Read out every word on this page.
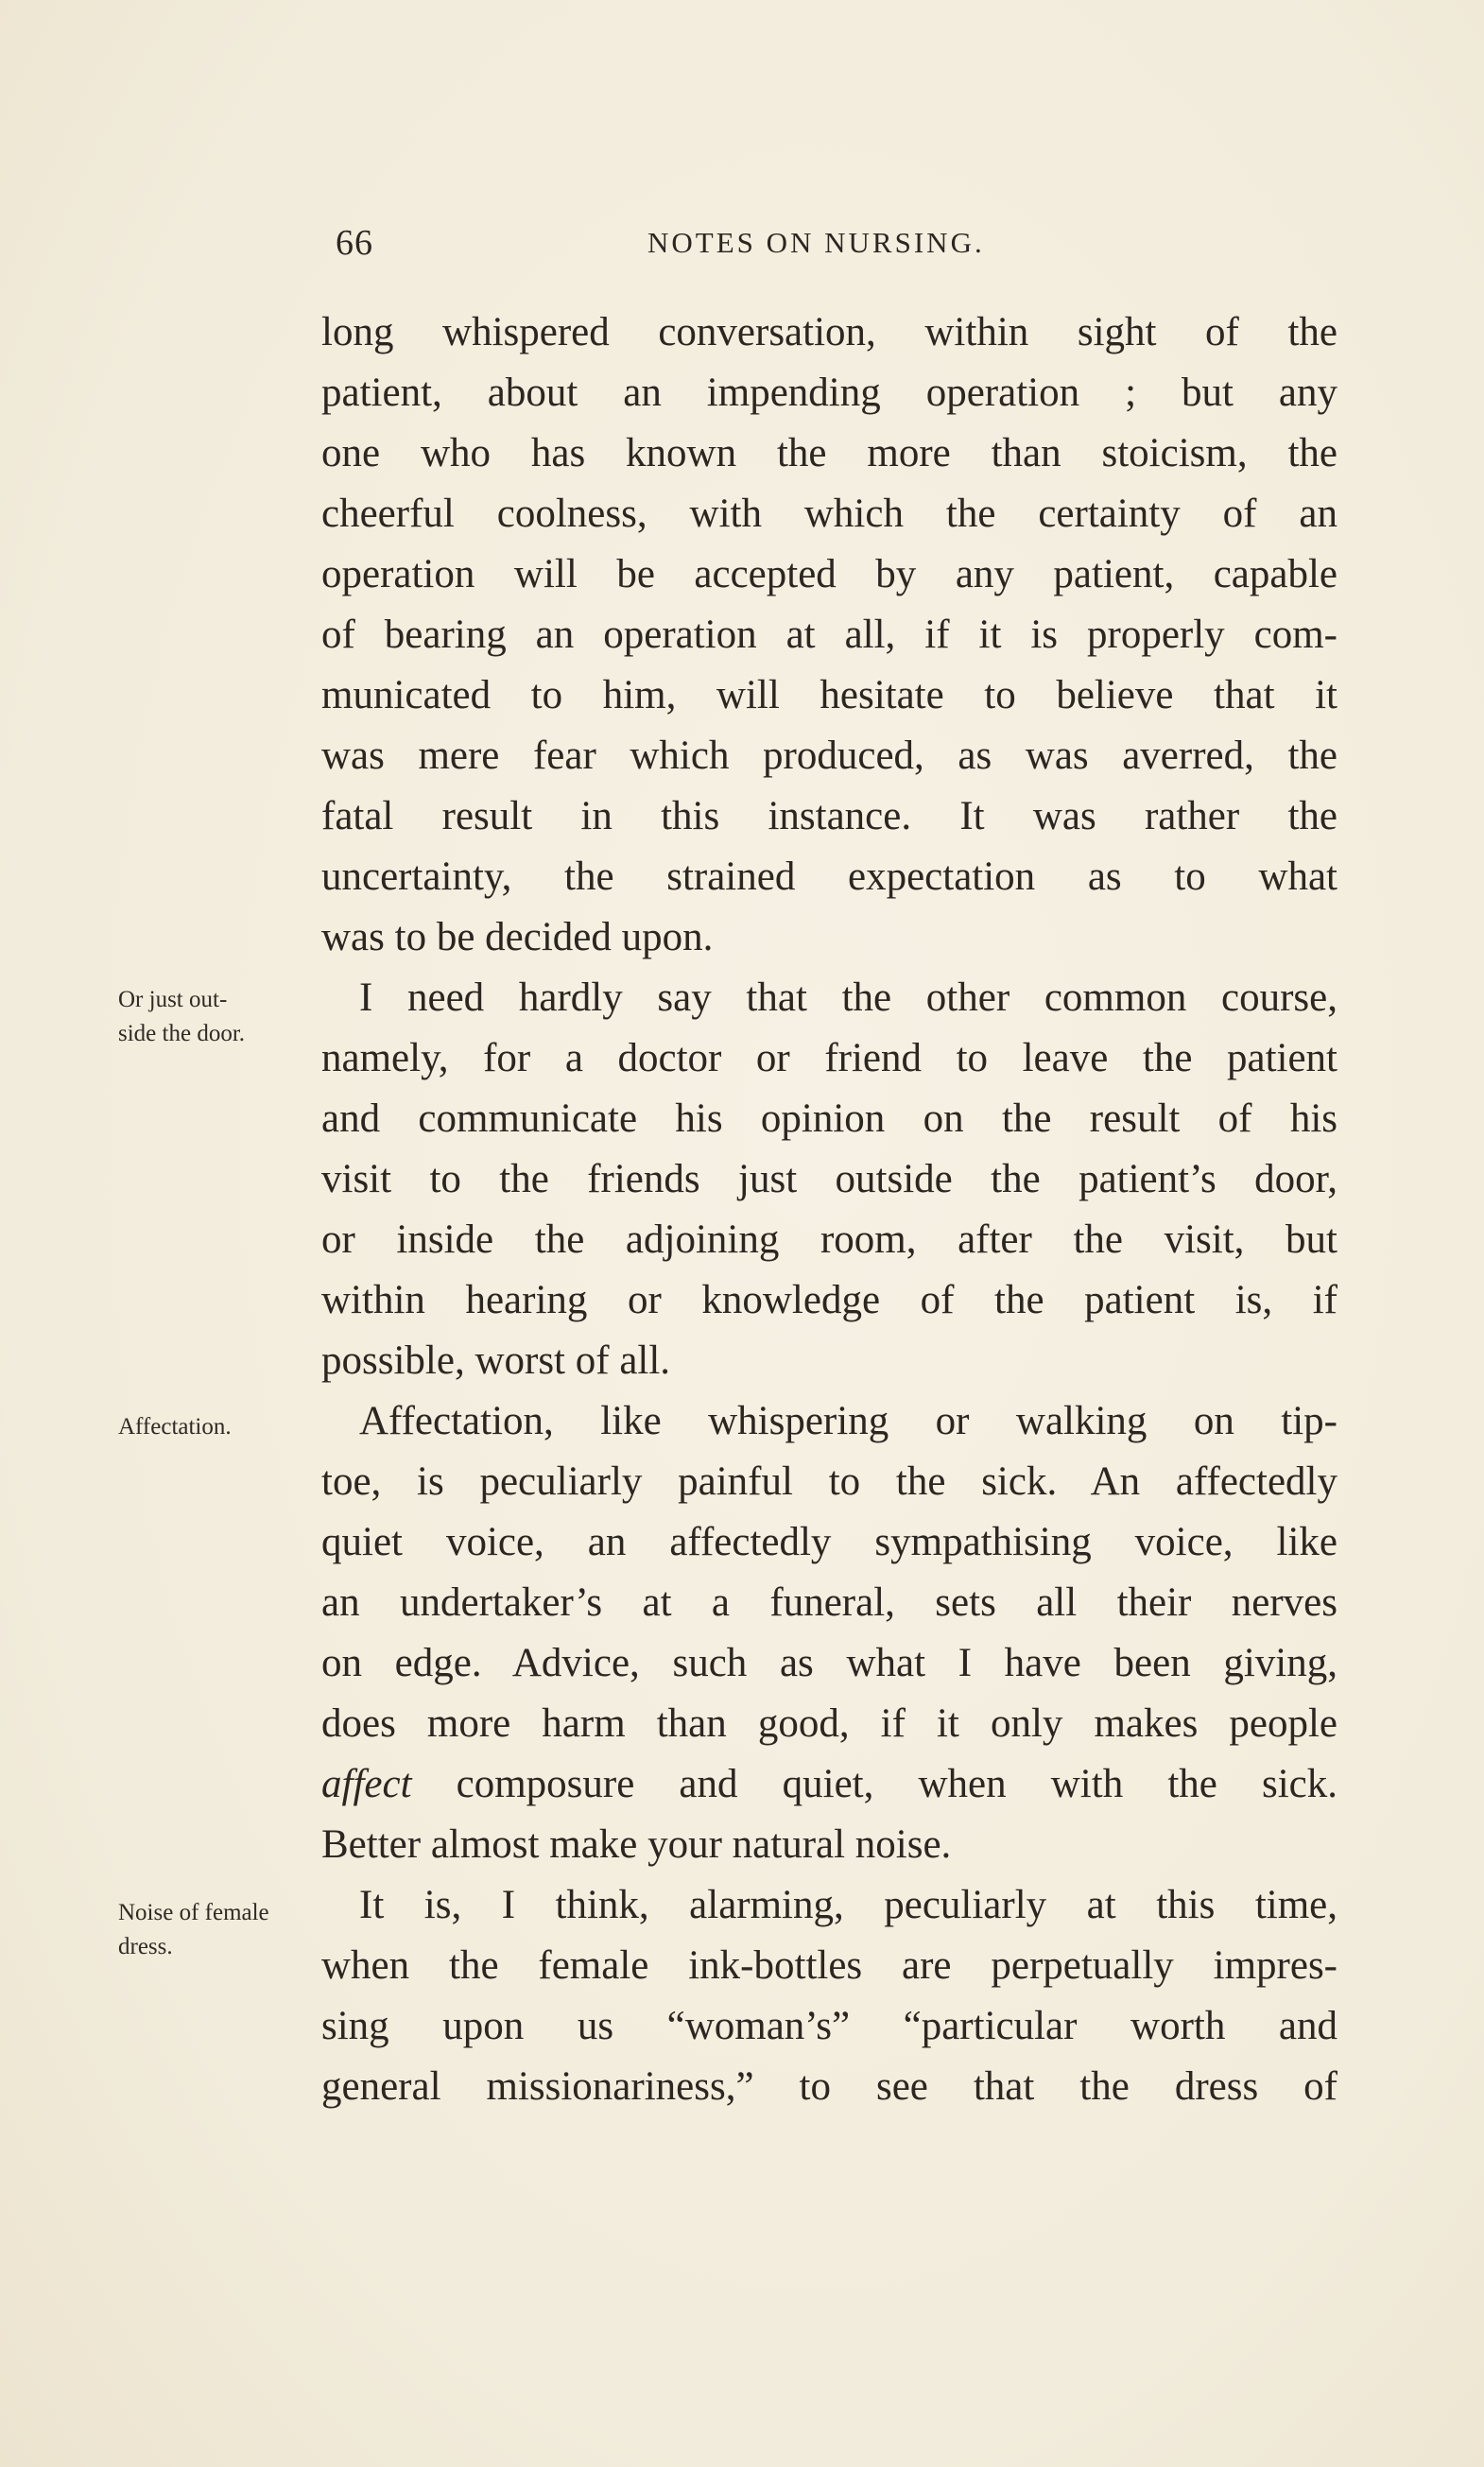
66	NOTES ON NURSING.
Or just out-
side the door.
Affectation.
Noise of female
dress.
long whispered conversation, within sight of the
patient, about an impending operation ; but any
one who has known the more than stoicism, the
cheerful coolness, with which the certainty of an
operation will be accepted by any patient, capable
of bearing an operation at all, if it is properly com-
municated to him, will hesitate to believe that it
was mere fear which produced, as was averred, the
fatal result in this instance. It was rather the
uncertainty, the strained expectation as to what
was to be decided upon.
I need hardly say that the other common course,
namely, for a doctor or friend to leave the patient
and communicate his opinion on the result of his
visit to the friends just outside the patient’s door,
or inside the adjoining room, after the visit, but
within hearing or knowledge of the patient is, if
possible, worst of all.
Affectation, like whispering or walking on tip-
toe, is peculiarly painful to the sick. An affectedly
quiet voice, an affectedly sympathising voice, like
an undertaker’s at a funeral, sets all their nerves
on edge. Advice, such as what I have been giving,
does more harm than good, if it only makes people
affect composure and quiet, when with the sick.
Better almost make your natural noise.
It is, I think, alarming, peculiarly at this time,
when the female ink-bottles are perpetually impres-
sing upon us “woman’s” “particular worth and
general missionariness,” to see that the dress of
